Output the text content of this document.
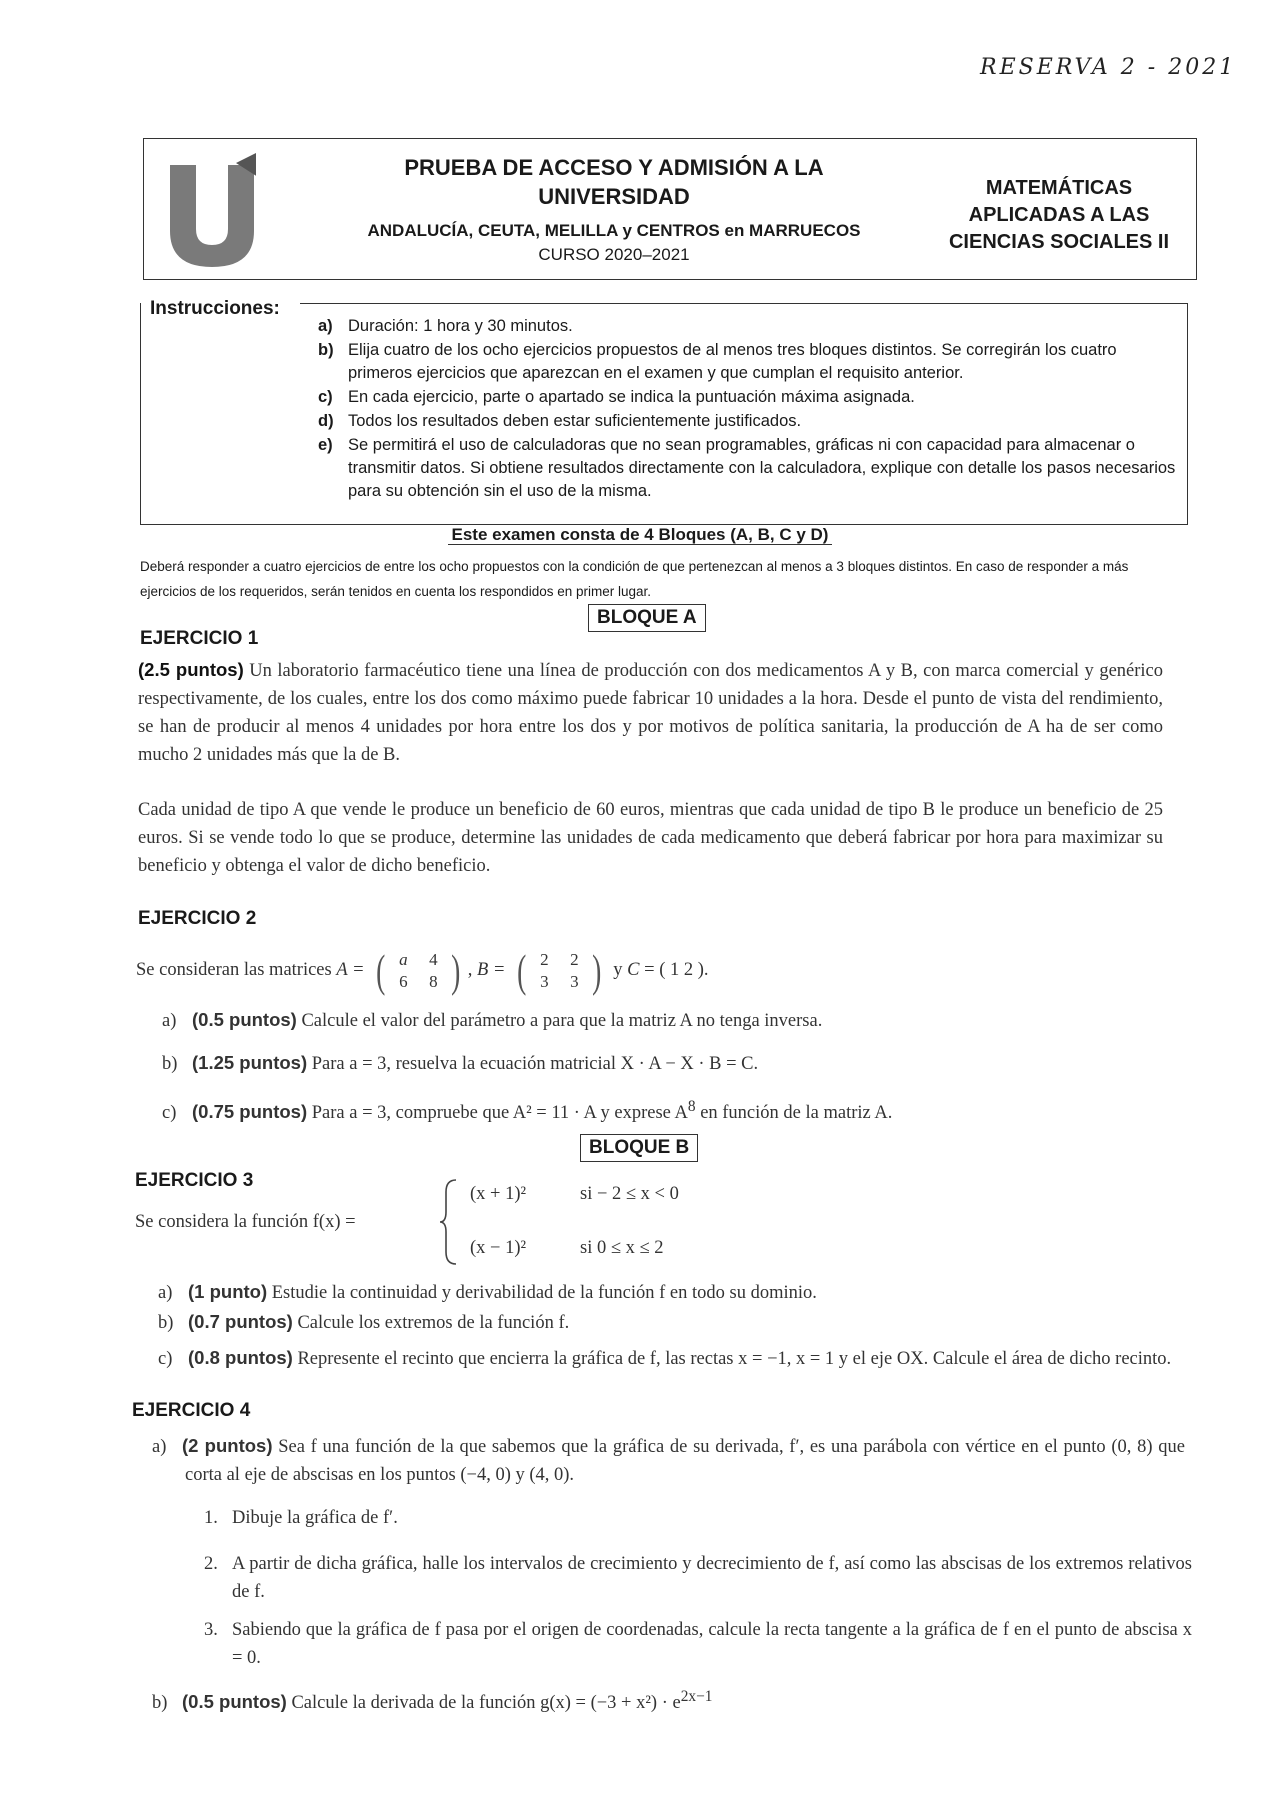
RESERVA 2 - 2021
PRUEBA DE ACCESO Y ADMISIÓN A LA
UNIVERSIDAD
ANDALUCÍA, CEUTA, MELILLA y CENTROS en MARRUECOS
CURSO 2020–2021
MATEMÁTICAS
APLICADAS A LAS
CIENCIAS SOCIALES II
Instrucciones:
a) Duración: 1 hora y 30 minutos.
b) Elija cuatro de los ocho ejercicios propuestos de al menos tres bloques distintos. Se corregirán los cuatro primeros ejercicios que aparezcan en el examen y que cumplan el requisito anterior.
c) En cada ejercicio, parte o apartado se indica la puntuación máxima asignada.
d) Todos los resultados deben estar suficientemente justificados.
e) Se permitirá el uso de calculadoras que no sean programables, gráficas ni con capacidad para almacenar o transmitir datos. Si obtiene resultados directamente con la calculadora, explique con detalle los pasos necesarios para su obtención sin el uso de la misma.
Este examen consta de 4 Bloques (A, B, C y D)
Deberá responder a cuatro ejercicios de entre los ocho propuestos con la condición de que pertenezcan al menos a 3 bloques distintos. En caso de responder a más ejercicios de los requeridos, serán tenidos en cuenta los respondidos en primer lugar.
BLOQUE A
EJERCICIO 1
(2.5 puntos) Un laboratorio farmacéutico tiene una línea de producción con dos medicamentos A y B, con marca comercial y genérico respectivamente, de los cuales, entre los dos como máximo puede fabricar 10 unidades a la hora. Desde el punto de vista del rendimiento, se han de producir al menos 4 unidades por hora entre los dos y por motivos de política sanitaria, la producción de A ha de ser como mucho 2 unidades más que la de B.
Cada unidad de tipo A que vende le produce un beneficio de 60 euros, mientras que cada unidad de tipo B le produce un beneficio de 25 euros. Si se vende todo lo que se produce, determine las unidades de cada medicamento que deberá fabricar por hora para maximizar su beneficio y obtenga el valor de dicho beneficio.
EJERCICIO 2
Se consideran las matrices A = ( a	4
6	8 ) , B = ( 2	2
3	3 ) y C = ( 1 2 ).
a) (0.5 puntos) Calcule el valor del parámetro a para que la matriz A no tenga inversa.
b) (1.25 puntos) Para a = 3, resuelva la ecuación matricial X · A − X · B = C.
c) (0.75 puntos) Para a = 3, compruebe que A² = 11 · A y exprese $A^8$ en función de la matriz A.
BLOQUE B
EJERCICIO 3
Se considera la función f(x) =
(x + 1)²	si − 2 ≤ x < 0
(x − 1)²	si 0 ≤ x ≤ 2
a) (1 punto) Estudie la continuidad y derivabilidad de la función f en todo su dominio.
b) (0.7 puntos) Calcule los extremos de la función f.
c) (0.8 puntos) Represente el recinto que encierra la gráfica de f, las rectas x = −1, x = 1 y el eje OX. Calcule el área de dicho recinto.
EJERCICIO 4
a) (2 puntos) Sea f una función de la que sabemos que la gráfica de su derivada, f′, es una parábola con vértice en el punto (0, 8) que corta al eje de abscisas en los puntos (−4, 0) y (4, 0).
1. Dibuje la gráfica de f′.
2. A partir de dicha gráfica, halle los intervalos de crecimiento y decrecimiento de f, así como las abscisas de los extremos relativos de f.
3. Sabiendo que la gráfica de f pasa por el origen de coordenadas, calcule la recta tangente a la gráfica de f en el punto de abscisa x = 0.
b) (0.5 puntos) Calcule la derivada de la función $g(x) = (-3 + x^2) \cdot e^{2x-1}$
